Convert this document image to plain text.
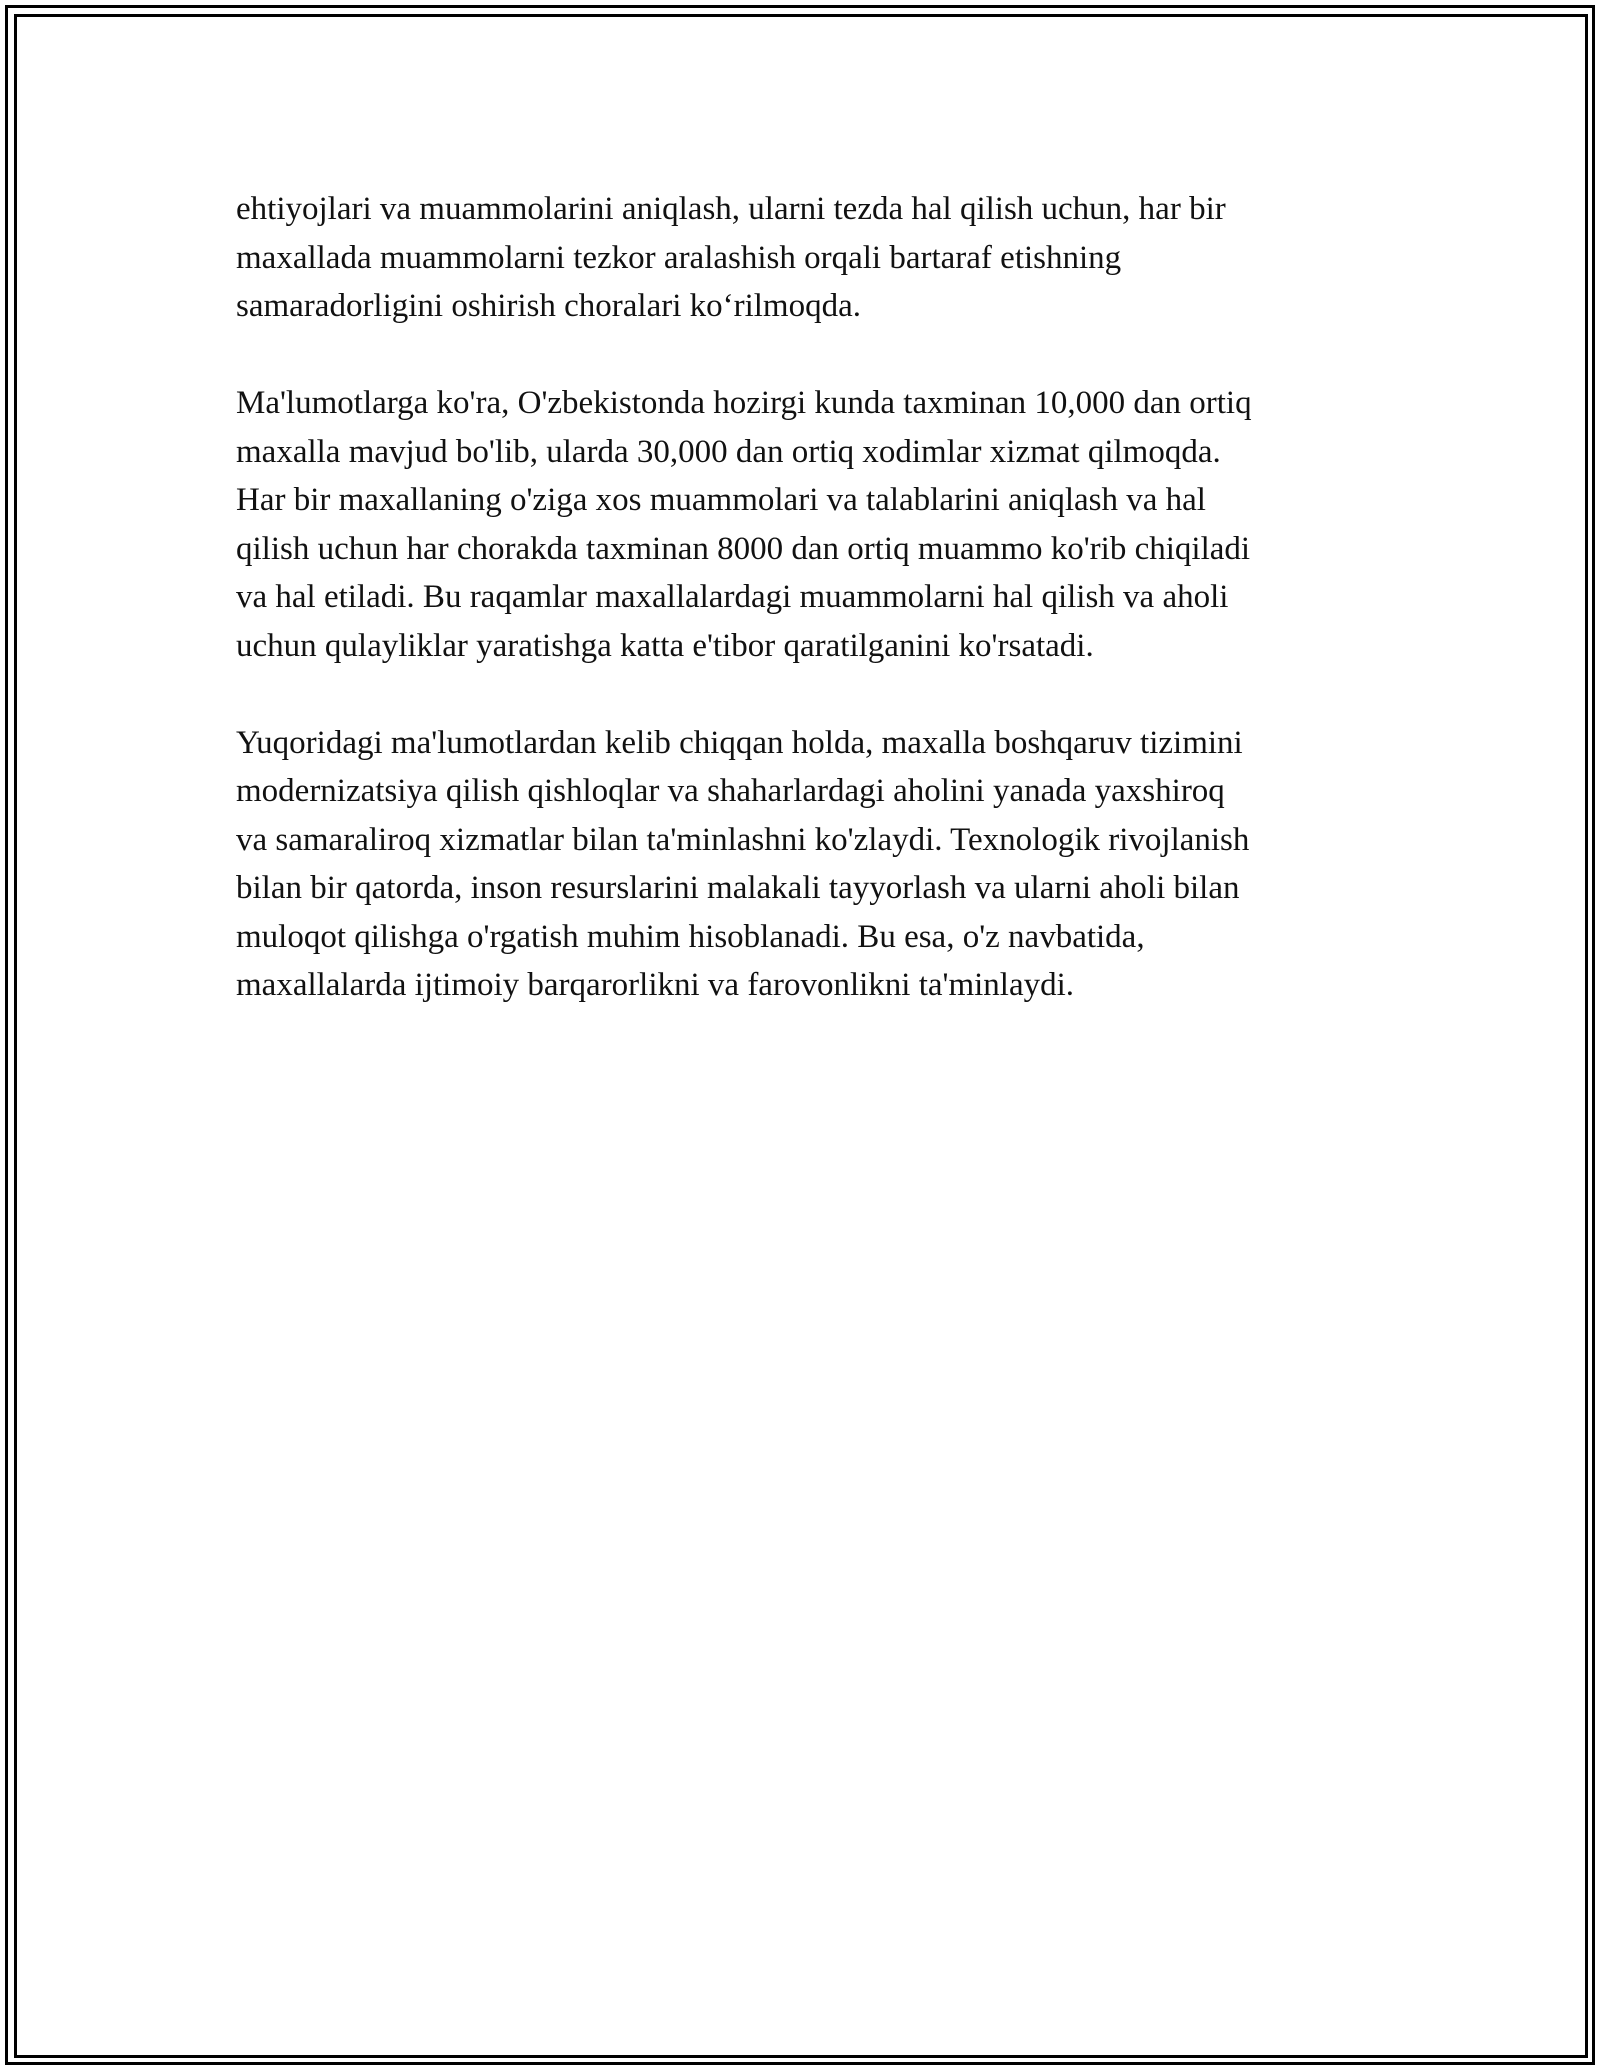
ehtiyojlari va muammolarini aniqlash, ularni tezda hal qilish uchun, har bir
maxallada muammolarni tezkor aralashish orqali bartaraf etishning
samaradorligini oshirish choralari ko‘rilmoqda.

Ma'lumotlarga ko'ra, O'zbekistonda hozirgi kunda taxminan 10,000 dan ortiq
maxalla mavjud bo'lib, ularda 30,000 dan ortiq xodimlar xizmat qilmoqda.
Har bir maxallaning o'ziga xos muammolari va talablarini aniqlash va hal
qilish uchun har chorakda taxminan 8000 dan ortiq muammo ko'rib chiqiladi
va hal etiladi. Bu raqamlar maxallalardagi muammolarni hal qilish va aholi
uchun qulayliklar yaratishga katta e'tibor qaratilganini ko'rsatadi.

Yuqoridagi ma'lumotlardan kelib chiqqan holda, maxalla boshqaruv tizimini
modernizatsiya qilish qishloqlar va shaharlardagi aholini yanada yaxshiroq
va samaraliroq xizmatlar bilan ta'minlashni ko'zlaydi. Texnologik rivojlanish
bilan bir qatorda, inson resurslarini malakali tayyorlash va ularni aholi bilan
muloqot qilishga o'rgatish muhim hisoblanadi. Bu esa, o'z navbatida,
maxallalarda ijtimoiy barqarorlikni va farovonlikni ta'minlaydi.
